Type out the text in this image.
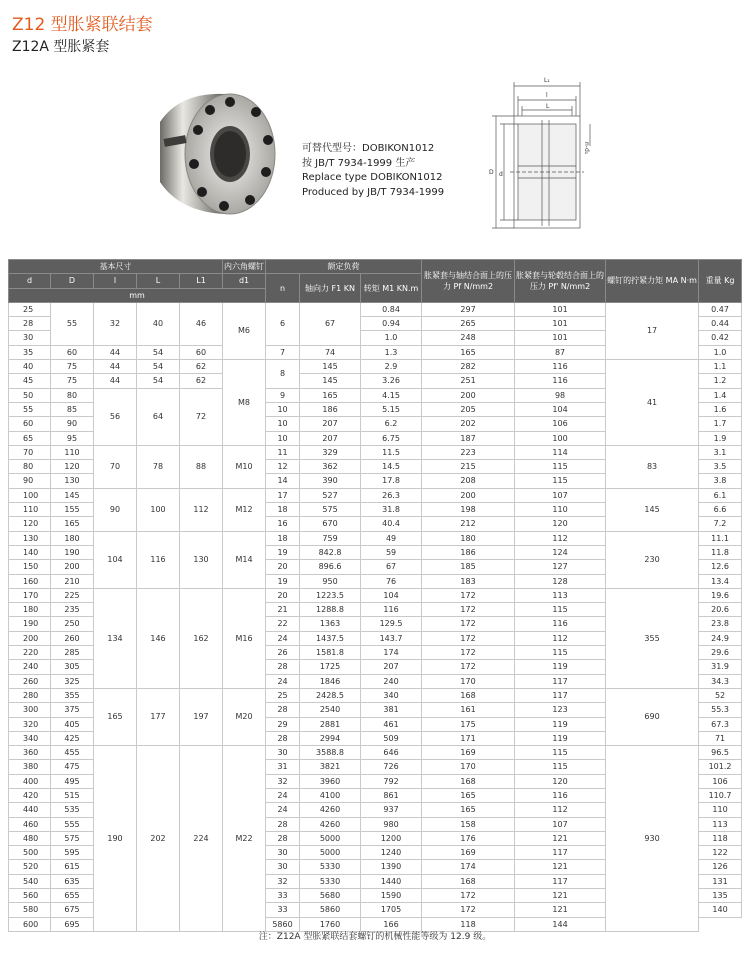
Z12 型胀紧联结套
Z12A 型胀紧套
可替代型号：DOBIKON1012
按 JB/T 7934-1999 生产
Replace type DOBIKON1012
Produced by JB/T 7934-1999
L₁
l
L
D d
n-d₁
基本尺寸					内六角螺钉	额定负荷			胀紧套与轴结合面上的压力 Pf N/mm2	胀紧套与轮毂结合面上的压力 Pf' N/mm2	螺钉的拧紧力矩 MA N·m	重量 Kg
d	D	l	L	L1	d1	n	轴向力 F1 KN	转矩 M1 KN.m				
mm												
25	55	32	40	46	M6	6	67	0.84	297	101	17	0.47
28								0.94	265	101		0.44
30								1.0	248	101		0.42
35	60	44	54	60		7	74	1.3	165	87		1.0
40	75	44	54	62	M8	8	145	2.9	282	116	41	1.1
45	75	44	54	62			145	3.26	251	116		1.2
50	80	56	64	72		9	165	4.15	200	98		1.4
55	85					10	186	5.15	205	104		1.6
60	90					10	207	6.2	202	106		1.7
65	95					10	207	6.75	187	100		1.9
70	110	70	78	88	M10	11	329	11.5	223	114	83	3.1
80	120					12	362	14.5	215	115		3.5
90	130					14	390	17.8	208	115		3.8
100	145	90	100	112	M12	17	527	26.3	200	107	145	6.1
110	155					18	575	31.8	198	110		6.6
120	165					16	670	40.4	212	120		7.2
130	180	104	116	130	M14	18	759	49	180	112	230	11.1
140	190					19	842.8	59	186	124		11.8
150	200					20	896.6	67	185	127		12.6
160	210					19	950	76	183	128		13.4
170	225	134	146	162	M16	20	1223.5	104	172	113	355	19.6
180	235					21	1288.8	116	172	115		20.6
190	250					22	1363	129.5	172	116		23.8
200	260					24	1437.5	143.7	172	112		24.9
220	285					26	1581.8	174	172	115		29.6
240	305					28	1725	207	172	119		31.9
260	325					24	1846	240	170	117		34.3
280	355	165	177	197	M20	25	2428.5	340	168	117	690	52
300	375					28	2540	381	161	123		55.3
320	405					29	2881	461	175	119		67.3
340	425					28	2994	509	171	119		71
360	455	190	202	224	M22	30	3588.8	646	169	115	930	96.5
380	475					31	3821	726	170	115		101.2
400	495					32	3960	792	168	120		106
420	515					24	4100	861	165	116		110.7
440	535					24	4260	937	165	112		110
460	555					28	4260	980	158	107		113
480	575					28	5000	1200	176	121		118
500	595					30	5000	1240	169	117		122
520	615					30	5330	1390	174	121		126
540	635					32	5330	1440	168	117		131
560	655					33	5680	1590	172	121		135
580	675					33	5860	1705	172	121		140
600	695					5860	1760	166	118	144		
注：Z12A 型胀紧联结套螺钉的机械性能等级为 12.9 级。
